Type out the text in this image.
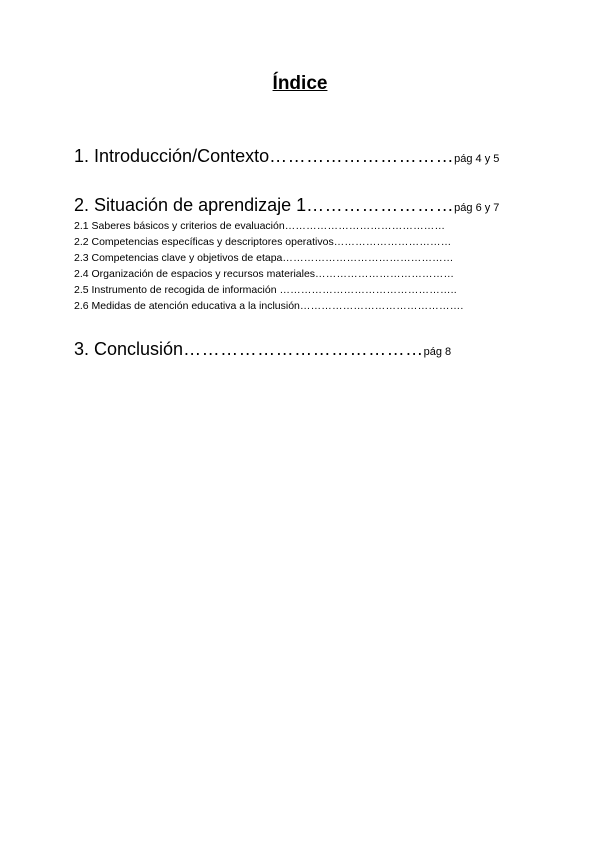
Índice
1. Introducción/Contexto…………………………pág 4 y 5
2. Situación de aprendizaje 1……………………pág 6 y 7
2.1 Saberes básicos y criterios de evaluación………………………………………
2.2 Competencias específicas y descriptores operativos……………………………
2.3 Competencias clave y objetivos de etapa…………………………………………
2.4 Organización de espacios y recursos materiales…………………………………
2.5 Instrumento de recogida de información …………………………………………..
2.6 Medidas de atención educativa a la inclusión……………………………………….
3. Conclusión…………………………………pág 8
